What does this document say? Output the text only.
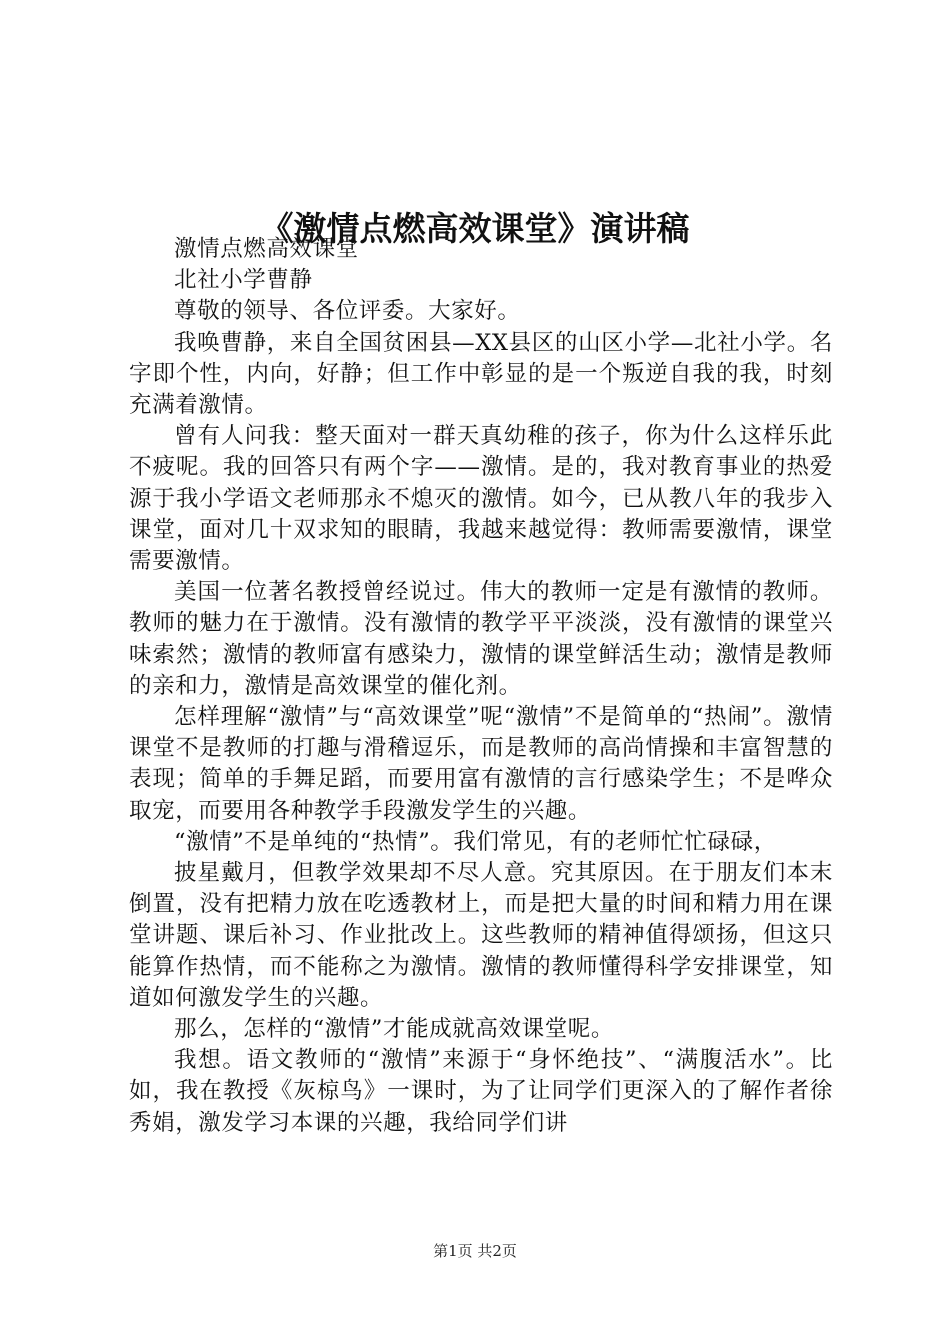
《激情点燃高效课堂》演讲稿

激情点燃高效课堂

北社小学曹静

尊敬的领导、各位评委。大家好。

我唤曹静，来自全国贫困县—XX县区的山区小学—北社小学。名字即个性，内向，好静；但工作中彰显的是一个叛逆自我的我，时刻充满着激情。

曾有人问我：整天面对一群天真幼稚的孩子，你为什么这样乐此不疲呢。我的回答只有两个字——激情。是的，我对教育事业的热爱源于我小学语文老师那永不熄灭的激情。如今，已从教八年的我步入课堂，面对几十双求知的眼睛，我越来越觉得：教师需要激情，课堂需要激情。

美国一位著名教授曾经说过。伟大的教师一定是有激情的教师。教师的魅力在于激情。没有激情的教学平平淡淡，没有激情的课堂兴味索然；激情的教师富有感染力，激情的课堂鲜活生动；激情是教师的亲和力，激情是高效课堂的催化剂。

怎样理解“激情”与“高效课堂”呢“激情”不是简单的“热闹”。激情课堂不是教师的打趣与滑稽逗乐，而是教师的高尚情操和丰富智慧的表现；简单的手舞足蹈，而要用富有激情的言行感染学生；不是哗众取宠，而要用各种教学手段激发学生的兴趣。

“激情”不是单纯的“热情”。我们常见，有的老师忙忙碌碌，

披星戴月，但教学效果却不尽人意。究其原因。在于朋友们本末倒置，没有把精力放在吃透教材上，而是把大量的时间和精力用在课堂讲题、课后补习、作业批改上。这些教师的精神值得颂扬，但这只能算作热情，而不能称之为激情。激情的教师懂得科学安排课堂，知道如何激发学生的兴趣。

那么，怎样的“激情”才能成就高效课堂呢。

我想。语文教师的“激情”来源于“身怀绝技”、“满腹活水”。比如，我在教授《灰椋鸟》一课时，为了让同学们更深入的了解作者徐秀娟，激发学习本课的兴趣，我给同学们讲

第1页 共2页
